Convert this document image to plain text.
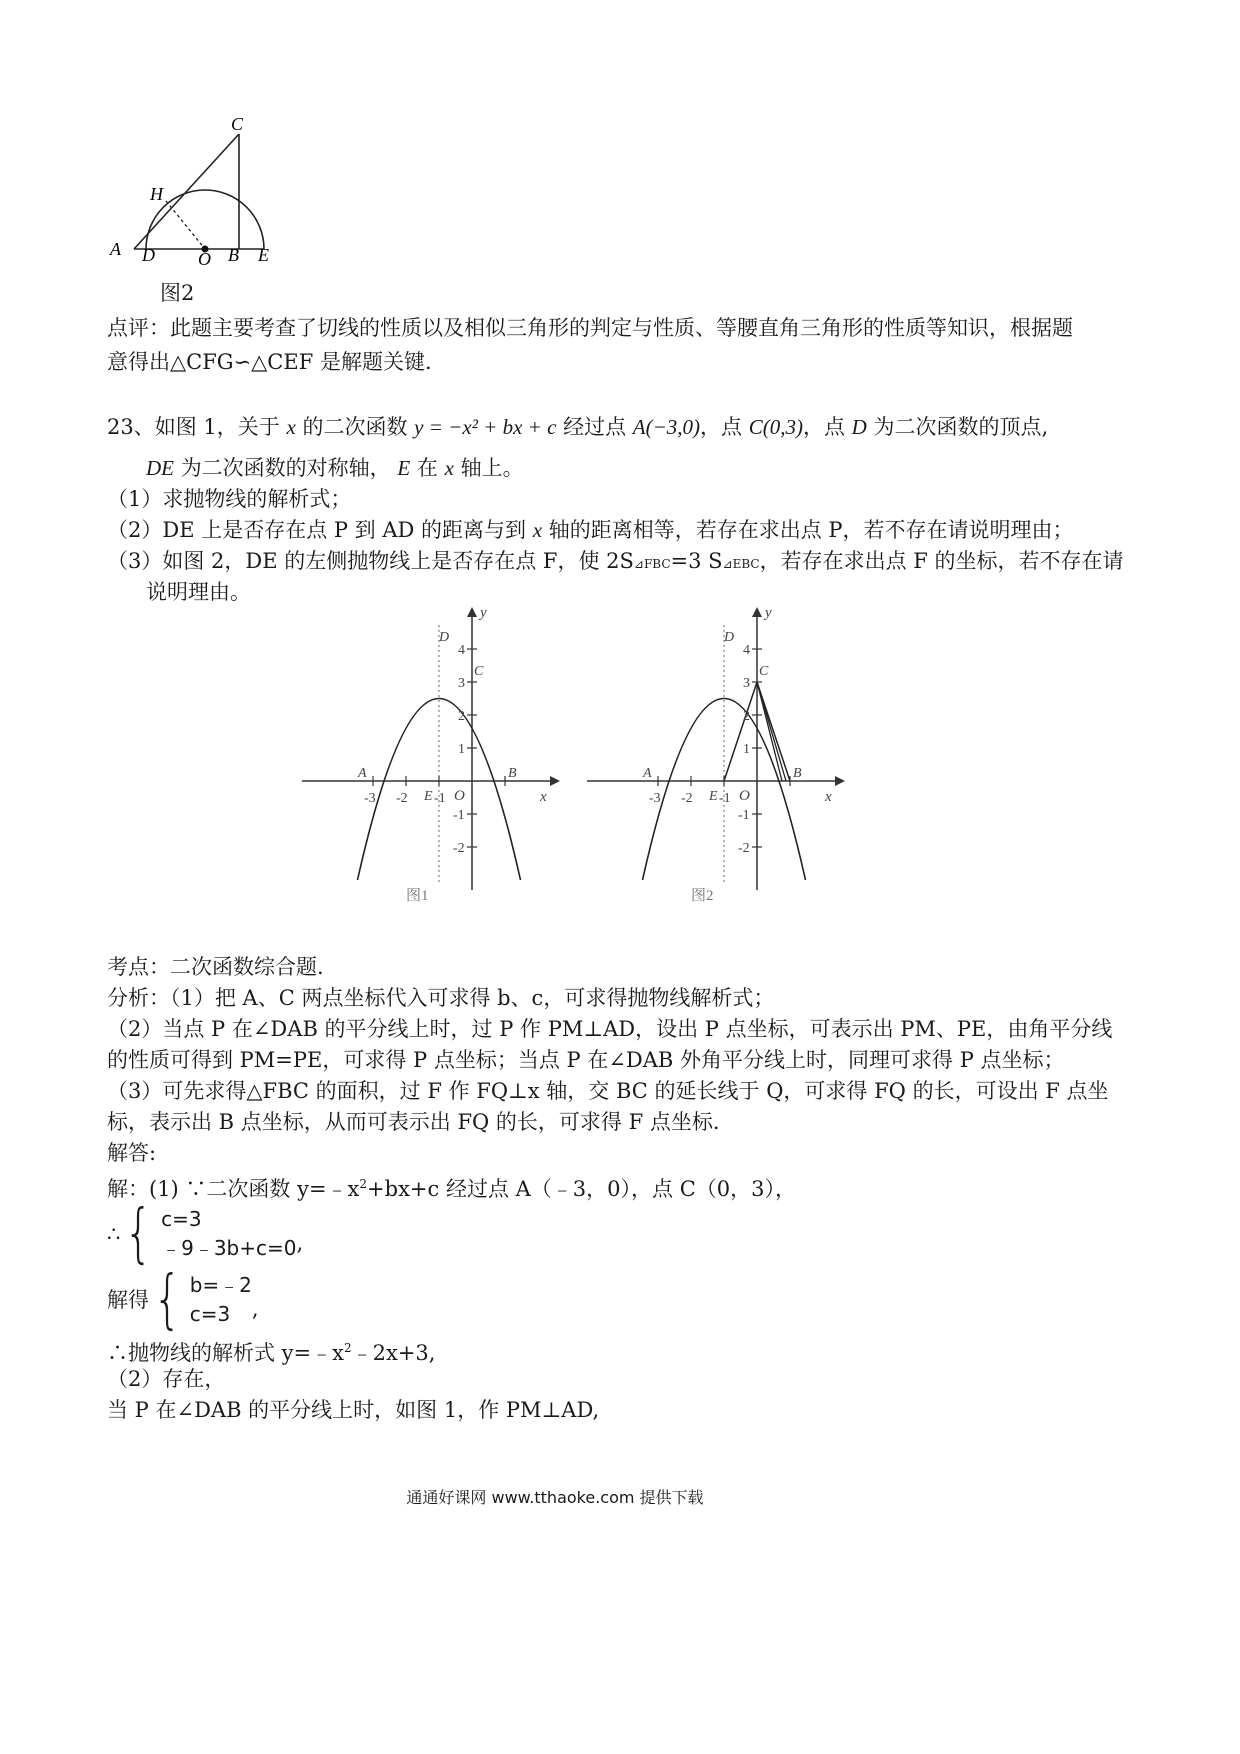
C
H
A D O B E
图2
点评：此题主要考查了切线的性质以及相似三角形的判定与性质、等腰直角三角形的性质等知识，根据题
意得出△CFG∽△CEF 是解题关键.
23、如图 1，关于 x 的二次函数 y = −x² + bx + c 经过点 A(−3,0)，点 C(0,3)，点 D 为二次函数的顶点,
DE 为二次函数的对称轴， E 在 x 轴上。
（1）求抛物线的解析式；
（2）DE 上是否存在点 P 到 AD 的距离与到 x 轴的距离相等，若存在求出点 P，若不存在请说明理由；
（3）如图 2，DE 的左侧抛物线上是否存在点 F，使 2S⊿FBC=3 S⊿EBC，若存在求出点 F 的坐标，若不存在请
说明理由。
x
y
O
A	B
C
D
E
-3 -2 -1
4
3
2
1
-1
-2
图1
x
y
O
A	B
C
D
E
-3 -2 -1
4
3
2
1
-1
-2
图2
考点：二次函数综合题.
分析：（1）把 A、C 两点坐标代入可求得 b、c，可求得抛物线解析式；
（2）当点 P 在∠DAB 的平分线上时，过 P 作 PM⊥AD，设出 P 点坐标，可表示出 PM、PE，由角平分线
的性质可得到 PM=PE，可求得 P 点坐标；当点 P 在∠DAB 外角平分线上时，同理可求得 P 点坐标；
（3）可先求得△FBC 的面积，过 F 作 FQ⊥x 轴，交 BC 的延长线于 Q，可求得 FQ 的长，可设出 F 点坐
标，表示出 B 点坐标，从而可表示出 FQ 的长，可求得 F 点坐标.
解答:
解：(1) ∵二次函数 $y=﹣x^2+bx+c$ 经过点 A（﹣3，0），点 C（0，3），
∴ { c=3
﹣9﹣3b+c=0 ,
解得 { b=﹣2
c=3	,
∴抛物线的解析式 $y=﹣x^2﹣2x+3$,
（2）存在，
当 P 在∠DAB 的平分线上时，如图 1，作 PM⊥AD,
通通好课网 www.tthaoke.com 提供下载
